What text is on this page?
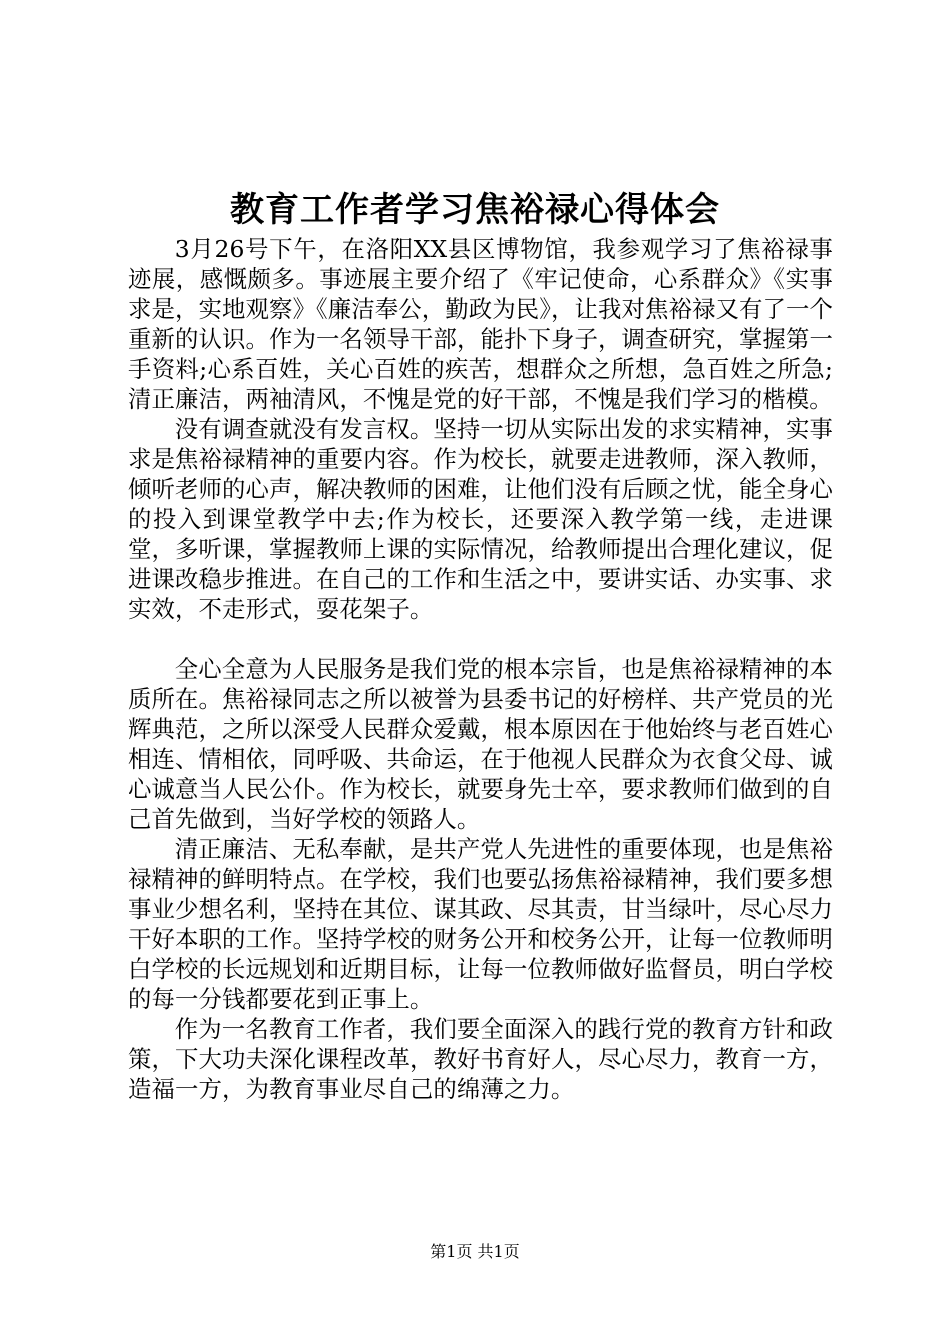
教育工作者学习焦裕禄心得体会

3月26号下午，在洛阳XX县区博物馆，我参观学习了焦裕禄事迹展，感慨颇多。事迹展主要介绍了《牢记使命，心系群众》《实事求是，实地观察》《廉洁奉公，勤政为民》，让我对焦裕禄又有了一个重新的认识。作为一名领导干部，能扑下身子，调查研究，掌握第一手资料;心系百姓，关心百姓的疾苦，想群众之所想，急百姓之所急;清正廉洁，两袖清风，不愧是党的好干部，不愧是我们学习的楷模。

没有调查就没有发言权。坚持一切从实际出发的求实精神，实事求是焦裕禄精神的重要内容。作为校长，就要走进教师，深入教师，倾听老师的心声，解决教师的困难，让他们没有后顾之忧，能全身心的投入到课堂教学中去;作为校长，还要深入教学第一线，走进课堂，多听课，掌握教师上课的实际情况，给教师提出合理化建议，促进课改稳步推进。在自己的工作和生活之中，要讲实话、办实事、求实效，不走形式，耍花架子。

全心全意为人民服务是我们党的根本宗旨，也是焦裕禄精神的本质所在。焦裕禄同志之所以被誉为县委书记的好榜样、共产党员的光辉典范，之所以深受人民群众爱戴，根本原因在于他始终与老百姓心相连、情相依，同呼吸、共命运，在于他视人民群众为衣食父母、诚心诚意当人民公仆。作为校长，就要身先士卒，要求教师们做到的自己首先做到，当好学校的领路人。

清正廉洁、无私奉献，是共产党人先进性的重要体现，也是焦裕禄精神的鲜明特点。在学校，我们也要弘扬焦裕禄精神，我们要多想事业少想名利，坚持在其位、谋其政、尽其责，甘当绿叶，尽心尽力干好本职的工作。坚持学校的财务公开和校务公开，让每一位教师明白学校的长远规划和近期目标，让每一位教师做好监督员，明白学校的每一分钱都要花到正事上。

作为一名教育工作者，我们要全面深入的践行党的教育方针和政策，下大功夫深化课程改革，教好书育好人，尽心尽力，教育一方，造福一方，为教育事业尽自己的绵薄之力。

第1页 共1页
